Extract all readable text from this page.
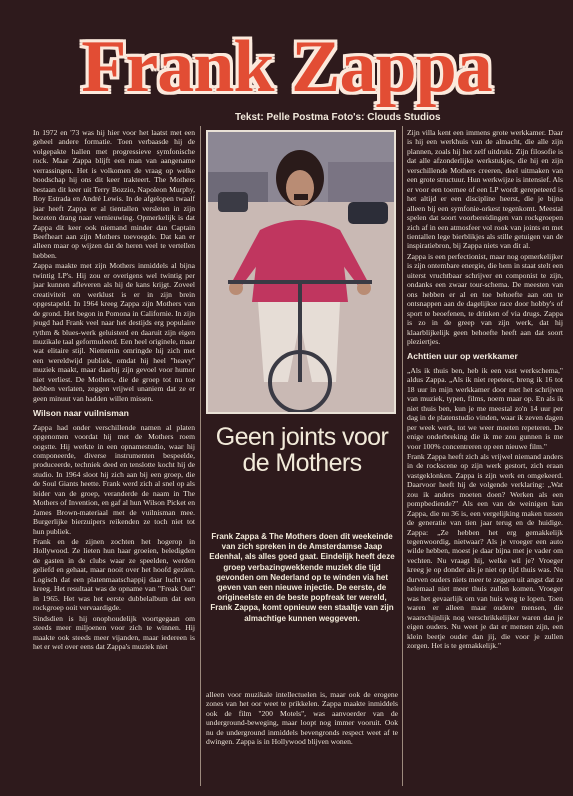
Frank Zappa
Tekst: Pelle Postma Foto's: Clouds Studios

In 1972 en '73 was hij hier voor het laatst met een geheel andere formatie. Toen verbaasde hij de volgepakte hallen met progressieve symfonische rock. Maar Zappa blijft een man van aangename verrassingen. Het is volkomen de vraag op welke boodschap hij ons dit keer trakteert. The Mothers bestaan dit keer uit Terry Bozzio, Napoleon Murphy, Roy Estrada en André Lewis. In de afgelopen twaalf jaar heeft Zappa er al tientallen versleten in zijn bezeten drang naar vernieuwing. Opmerkelijk is dat Zappa dit keer ook niemand minder dan Captain Beefheart aan zijn Mothers toevoegde. Dat kan er alleen maar op wijzen dat de heren veel te vertellen hebben.

Zappa maakte met zijn Mothers inmiddels al bijna twintig LP's. Hij zou er overigens wel twintig per jaar kunnen afleveren als hij de kans krijgt. Zoveel creativiteit en werklust is er in zijn brein opgestapeld. In 1964 kreeg Zappa zijn Mothers van de grond. Het begon in Pomona in Californie. In zijn jeugd had Frank veel naar het destijds erg populaire rythm & blues-werk geluisterd en daaruit zijn eigen muzikale taal geformuleerd. Een heel originele, maar wat elitaire stijl. Niettemin omringde hij zich met een wereldwijd publiek, omdat hij heel "heavy" muziek maakt, maar daarbij zijn gevoel voor humor niet verliest. De Mothers, die de groep tot nu toe hebben verlaten, zeggen vrijwel unaniem dat ze er geen minuut van hadden willen missen.

Wilson naar vuilnisman

Zappa had onder verschillende namen al platen opgenomen voordat hij met de Mothers roem oogstte. Hij werkte in een opnamestudio, waar hij componeerde, diverse instrumenten bespeelde, produceerde, techniek deed en tenslotte kocht hij de studio. In 1964 sloot hij zich aan bij een groep, die de Soul Giants heette. Frank werd zich al snel op als leider van de groep, veranderde de naam in The Mothers of Invention, en gaf al hun Wilson Picket en James Brown-materiaal met de vuilnisman mee. Burgerlijke bierzuipers reikenden ze toch niet tot hun publiek.

Frank en de zijnen zochten het hogerop in Hollywood. Ze lieten hun haar groeien, beledigden de gasten in de clubs waar ze speelden, werden geliefd en gehaat, maar nooit over het hoofd gezien. Logisch dat een platenmaatschappij daar lucht van kreeg. Het resultaat was de opname van "Freak Out" in 1965. Het was het eerste dubbelalbum dat een rockgroep ooit vervaardigde.

Sindsdien is hij onophoudelijk voortgegaan om steeds meer miljoenen voor zich te winnen. Hij maakte ook steeds meer vijanden, maar iedereen is het er wel over eens dat Zappa's muziek niet

Geen joints voor de Mothers
Frank Zappa & The Mothers doen dit weekeinde van zich spreken in de Amsterdamse Jaap Edenhal, als alles goed gaat. Eindelijk heeft deze groep verbazingwekkende muziek die tijd gevonden om Nederland op te winden via het geven van een nieuwe injectie. De eerste, de origineelste en de beste popfreak ter wereld, Frank Zappa, komt opnieuw een staaltje van zijn almachtige kunnen weggeven.

alleen voor muzikale intellectuelen is, maar ook de erogene zones van het oor weet te prikkelen. Zappa maakte inmiddels ook de film "200 Motels", was aanvoerder van de underground-beweging, maar loopt nog immer vooruit. Ook nu de underground inmiddels bevengronds respect weet af te dwingen. Zappa is in Hollywood blijven wonen.

Zijn villa kent een immens grote werkkamer. Daar is hij een werkhuis van de almacht, die alle zijn plannen, zoals hij het zelf uitdrukt. Zijn filosofie is dat alle afzonderlijke werkstukjes, die hij en zijn verschillende Mothers creeren, deel uitmaken van een grote structuur. Hun werkwijze is intensief. Als er voor een toernee of een LP wordt gerepeteerd is het altijd er een discipline heerst, die je bijna alleen bij een symfonie-orkest tegenkomt. Meestal spelen dat soort voorbereidingen van rockgroepen zich af in een atmosfeer vol rook van joints en met tientallen lege bierblikjes als stille getuigen van de inspiratiebron, bij Zappa niets van dit al.

Zappa is een perfectionist, maar nog opmerkelijker is zijn ontembare energie, die hem in staat stelt een uiterst vruchtbaar schrijver en componist te zijn, ondanks een zwaar tour-schema. De meesten van ons hebben er al en toe behoefte aan om te ontsnappen aan de dagelijkse race door hobby's of sport te beoefenen, te drinken of via drugs. Zappa is zo in de greep van zijn werk, dat hij klaarblijkelijk geen behoefte heeft aan dat soort pleziertjes.

Achttien uur op werkkamer

„Als ik thuis ben, heb ik een vast werkschema," aldus Zappa. „Als ik niet repeteer, breng ik 16 tot 18 uur in mijn werkkamer door met het schrijven van muziek, typen, films, noem maar op. En als ik niet thuis ben, kun je me meestal zo'n 14 uur per dag in de platenstudio vinden, waar ik zeven dagen per week werk, tot we weer moeten repeteren. De enige onderbreking die ik me zou gunnen is me voor 100% concentreren op een nieuwe film."

Frank Zappa heeft zich als vrijwel niemand anders in de rockscene op zijn werk gestort, zich eraan vastgeklonken. Zappa is zijn werk en omgekeerd. Daarvoor heeft hij de volgende verklaring: „Wat zou ik anders moeten doen? Werken als een pompbediende?" Als een van de weinigen kan Zappa, die nu 36 is, een vergelijking maken tussen de generatie van tien jaar terug en de huidige. Zappa: „Ze hebben het erg gemakkelijk tegenwoordig, nietwaar? Als je vroeger een auto wilde hebben, moest je daar bijna met je vader om vechten. Nu vraagt hij, welke wil je? Vroeger kreeg je op donder als je niet op tijd thuis was. Nu durven ouders niets meer te zeggen uit angst dat ze helemaal niet meer thuis zullen komen. Vroeger was het gevaarlijk om van huis weg te lopen. Toen waren er alleen maar oudere mensen, die waarschijnlijk nog verschrikkelijker waren dan je eigen ouders. Nu weet je dat er mensen zijn, een klein beetje ouder dan jij, die voor je zullen zorgen. Het is te gemakkelijk."
